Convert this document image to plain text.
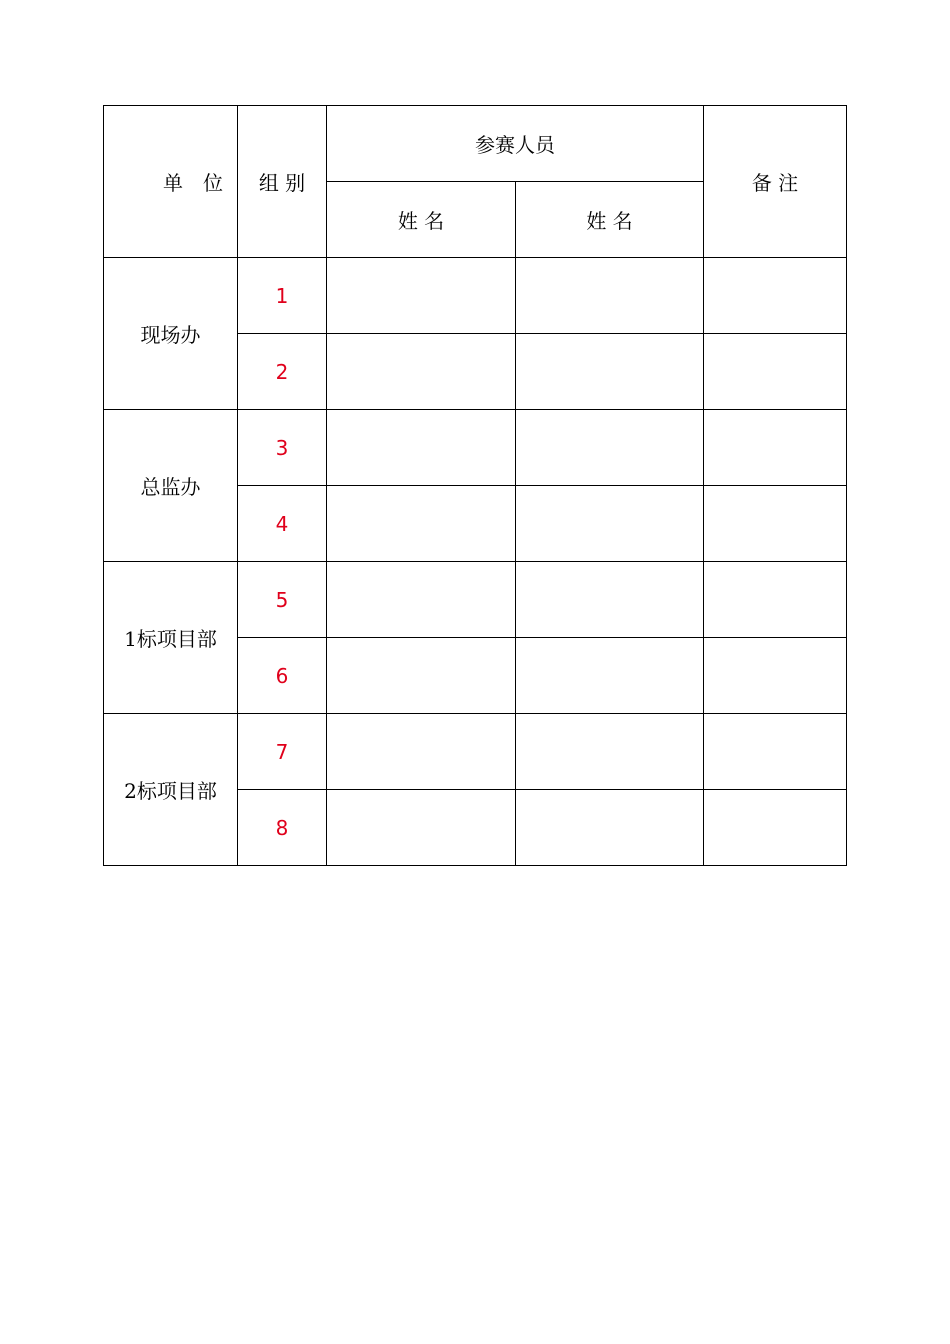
单　位	组 别	参赛人员		备 注
		姓 名	姓 名	
现场办	1			
	2			
总监办	3			
	4			
1标项目部	5			
	6			
2标项目部	7			
	8			
